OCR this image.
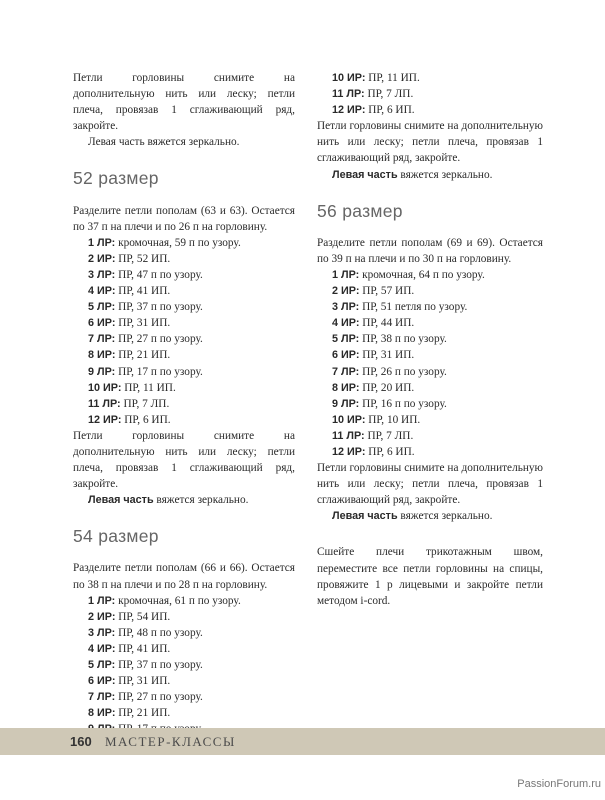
Петли горловины снимите на дополнительную нить или леску; петли плеча, провязав 1 сглаживающий ряд, закройте.

Левая часть вяжется зеркально.

52 размер

Разделите петли пополам (63 и 63). Остается по 37 п на плечи и по 26 п на горловину.

1 ЛР: кромочная, 59 п по узору.
2 ИР: ПР, 52 ИП.
3 ЛР: ПР, 47 п по узору.
4 ИР: ПР, 41 ИП.
5 ЛР: ПР, 37 п по узору.
6 ИР: ПР, 31 ИП.
7 ЛР: ПР, 27 п по узору.
8 ИР: ПР, 21 ИП.
9 ЛР: ПР, 17 п по узору.
10 ИР: ПР, 11 ИП.
11 ЛР: ПР, 7 ЛП.
12 ИР: ПР, 6 ИП.

Петли горловины снимите на дополнительную нить или леску; петли плеча, провязав 1 сглаживающий ряд, закройте.

Левая часть вяжется зеркально.

54 размер

Разделите петли пополам (66 и 66). Остается по 38 п на плечи и по 28 п на горловину.

1 ЛР: кромочная, 61 п по узору.
2 ИР: ПР, 54 ИП.
3 ЛР: ПР, 48 п по узору.
4 ИР: ПР, 41 ИП.
5 ЛР: ПР, 37 п по узору.
6 ИР: ПР, 31 ИП.
7 ЛР: ПР, 27 п по узору.
8 ИР: ПР, 21 ИП.
10 ИР: ПР, 11 ИП.
11 ЛР: ПР, 7 ЛП.
12 ИР: ПР, 6 ИП.

Петли горловины снимите на дополнительную нить или леску; петли плеча, провязав 1 сглаживающий ряд, закройте.

Левая часть вяжется зеркально.

56 размер

Разделите петли пополам (69 и 69). Остается по 39 п на плечи и по 30 п на горловину.

1 ЛР: кромочная, 64 п по узору.
2 ИР: ПР, 57 ИП.
3 ЛР: ПР, 51 петля по узору.
4 ИР: ПР, 44 ИП.
5 ЛР: ПР, 38 п по узору.
6 ИР: ПР, 31 ИП.
7 ЛР: ПР, 26 п по узору.
8 ИР: ПР, 20 ИП.
9 ЛР: ПР, 16 п по узору.
10 ИР: ПР, 10 ИП.
11 ЛР: ПР, 7 ЛП.
12 ИР: ПР, 6 ИП.

Петли горловины снимите на дополнительную нить или леску; петли плеча, провязав 1 сглаживающий ряд, закройте.

Левая часть вяжется зеркально.

Сшейте плечи трикотажным швом, переместите все петли горловины на спицы, провяжите 1 р лицевыми и закройте петли методом i-cord.

160 МАСТЕР-КЛАССЫ
PassionForum.ru
